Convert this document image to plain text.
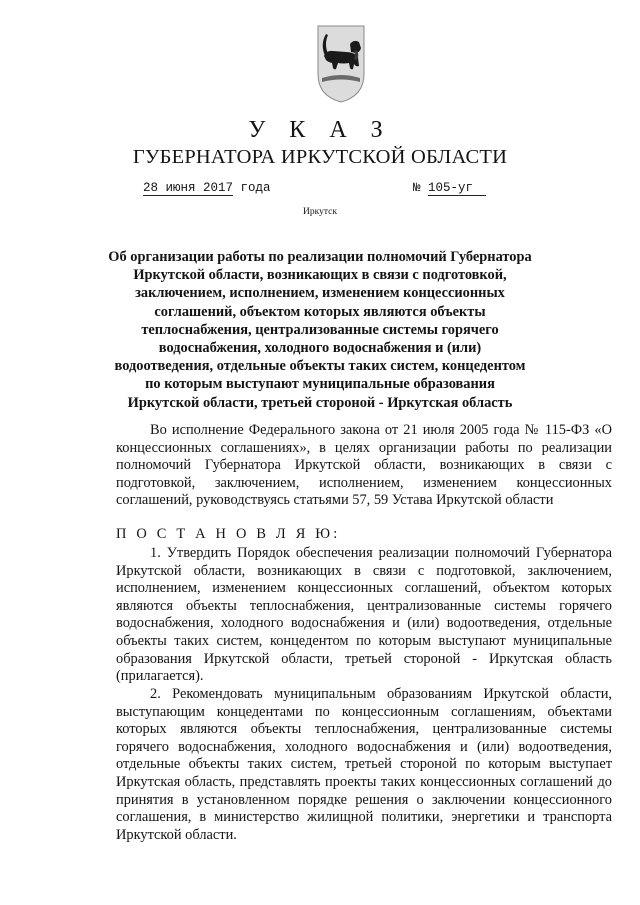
У К А З
ГУБЕРНАТОРА ИРКУТСКОЙ ОБЛАСТИ
28 июня 2017 года	№ 105-уг
Иркутск
Об организации работы по реализации полномочий Губернатора Иркутской области, возникающих в связи с подготовкой, заключением, исполнением, изменением концессионных соглашений, объектом которых являются объекты теплоснабжения, централизованные системы горячего водоснабжения, холодного водоснабжения и (или) водоотведения, отдельные объекты таких систем, концедентом по которым выступают муниципальные образования Иркутской области, третьей стороной - Иркутская область
Во исполнение Федерального закона от 21 июля 2005 года № 115-ФЗ «О концессионных соглашениях», в целях организации работы по реализации полномочий Губернатора Иркутской области, возникающих в связи с подготовкой, заключением, исполнением, изменением концессионных соглашений, руководствуясь статьями 57, 59 Устава Иркутской области
П О С Т А Н О В Л Я Ю:
1. Утвердить Порядок обеспечения реализации полномочий Губернатора Иркутской области, возникающих в связи с подготовкой, заключением, исполнением, изменением концессионных соглашений, объектом которых являются объекты теплоснабжения, централизованные системы горячего водоснабжения, холодного водоснабжения и (или) водоотведения, отдельные объекты таких систем, концедентом по которым выступают муниципальные образования Иркутской области, третьей стороной - Иркутская область (прилагается).
2. Рекомендовать муниципальным образованиям Иркутской области, выступающим концедентами по концессионным соглашениям, объектами которых являются объекты теплоснабжения, централизованные системы горячего водоснабжения, холодного водоснабжения и (или) водоотведения, отдельные объекты таких систем, третьей стороной по которым выступает Иркутская область, представлять проекты таких концессионных соглашений до принятия в установленном порядке решения о заключении концессионного соглашения, в министерство жилищной политики, энергетики и транспорта Иркутской области.
